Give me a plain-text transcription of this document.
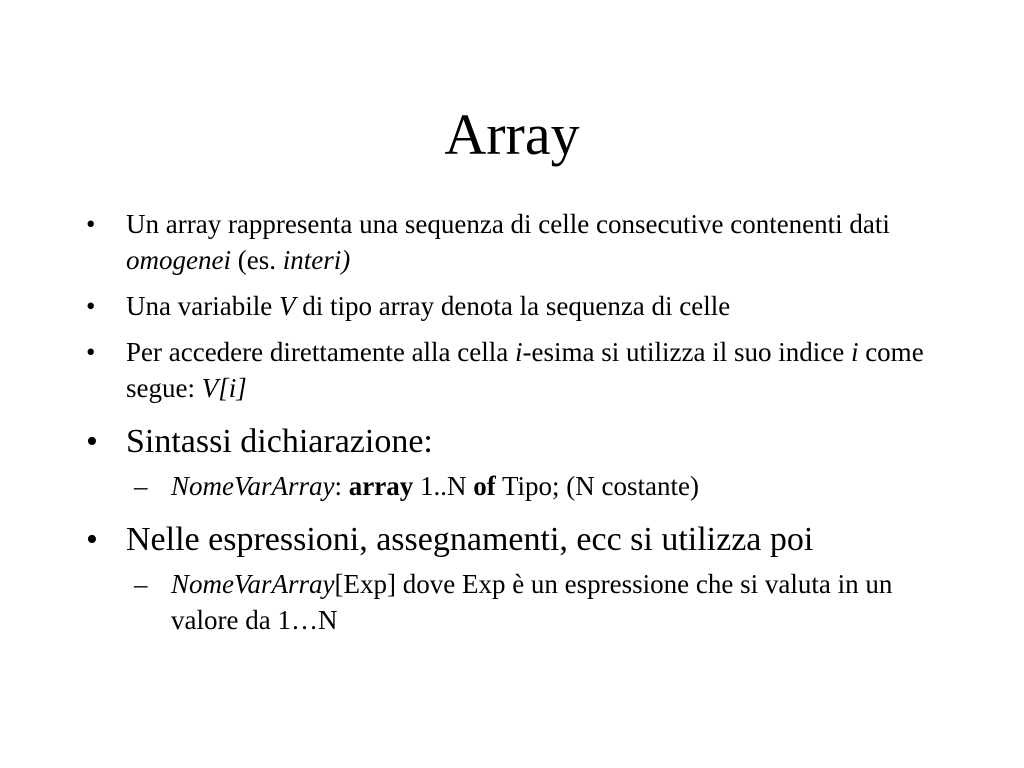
Array
• Un array rappresenta una sequenza di celle consecutive contenenti dati omogenei (es. interi)
• Una variabile V di tipo array denota la sequenza di celle
• Per accedere direttamente alla cella i-esima si utilizza il suo indice i come segue: V[i]
• Sintassi dichiarazione:
– NomeVarArray: array 1..N of Tipo; (N costante)
• Nelle espressioni, assegnamenti, ecc si utilizza poi
– NomeVarArray[Exp] dove Exp è un espressione che si valuta in un valore da 1…N
